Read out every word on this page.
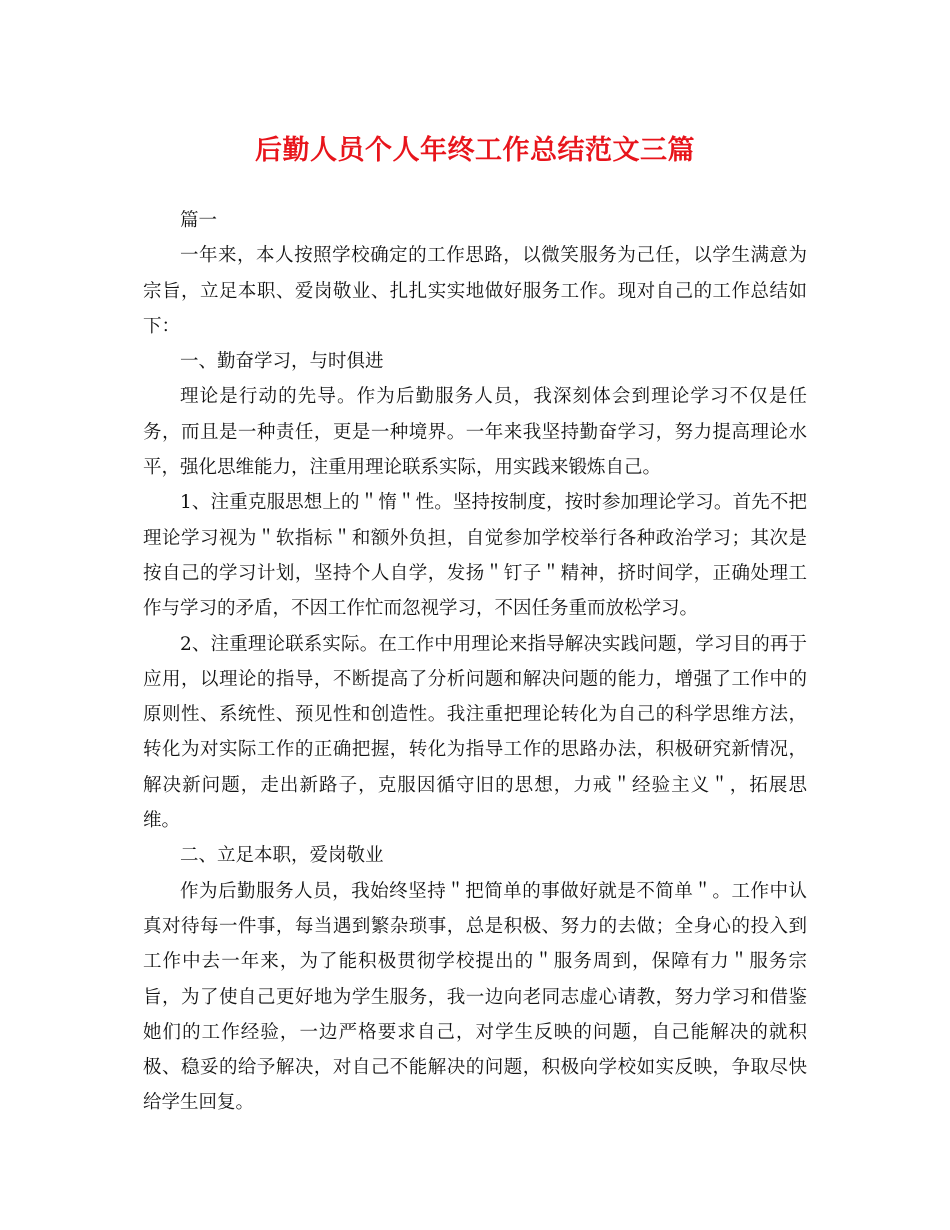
后勤人员个人年终工作总结范文三篇

篇一

一年来，本人按照学校确定的工作思路，以微笑服务为己任，以学生满意为宗旨，立足本职、爱岗敬业、扎扎实实地做好服务工作。现对自己的工作总结如下：

一、勤奋学习，与时俱进

理论是行动的先导。作为后勤服务人员，我深刻体会到理论学习不仅是任务，而且是一种责任，更是一种境界。一年来我坚持勤奋学习，努力提高理论水平，强化思维能力，注重用理论联系实际，用实践来锻炼自己。

1、注重克服思想上的＂惰＂性。坚持按制度，按时参加理论学习。首先不把理论学习视为＂软指标＂和额外负担，自觉参加学校举行各种政治学习；其次是按自己的学习计划，坚持个人自学，发扬＂钉子＂精神，挤时间学，正确处理工作与学习的矛盾，不因工作忙而忽视学习，不因任务重而放松学习。

2、注重理论联系实际。在工作中用理论来指导解决实践问题，学习目的再于应用，以理论的指导，不断提高了分析问题和解决问题的能力，增强了工作中的原则性、系统性、预见性和创造性。我注重把理论转化为自己的科学思维方法，转化为对实际工作的正确把握，转化为指导工作的思路办法，积极研究新情况，解决新问题，走出新路子，克服因循守旧的思想，力戒＂经验主义＂，拓展思维。

二、立足本职，爱岗敬业

作为后勤服务人员，我始终坚持＂把简单的事做好就是不简单＂。工作中认真对待每一件事，每当遇到繁杂琐事，总是积极、努力的去做；全身心的投入到工作中去一年来，为了能积极贯彻学校提出的＂服务周到，保障有力＂服务宗旨，为了使自己更好地为学生服务，我一边向老同志虚心请教，努力学习和借鉴她们的工作经验，一边严格要求自己，对学生反映的问题，自己能解决的就积极、稳妥的给予解决，对自己不能解决的问题，积极向学校如实反映，争取尽快给学生回复。
